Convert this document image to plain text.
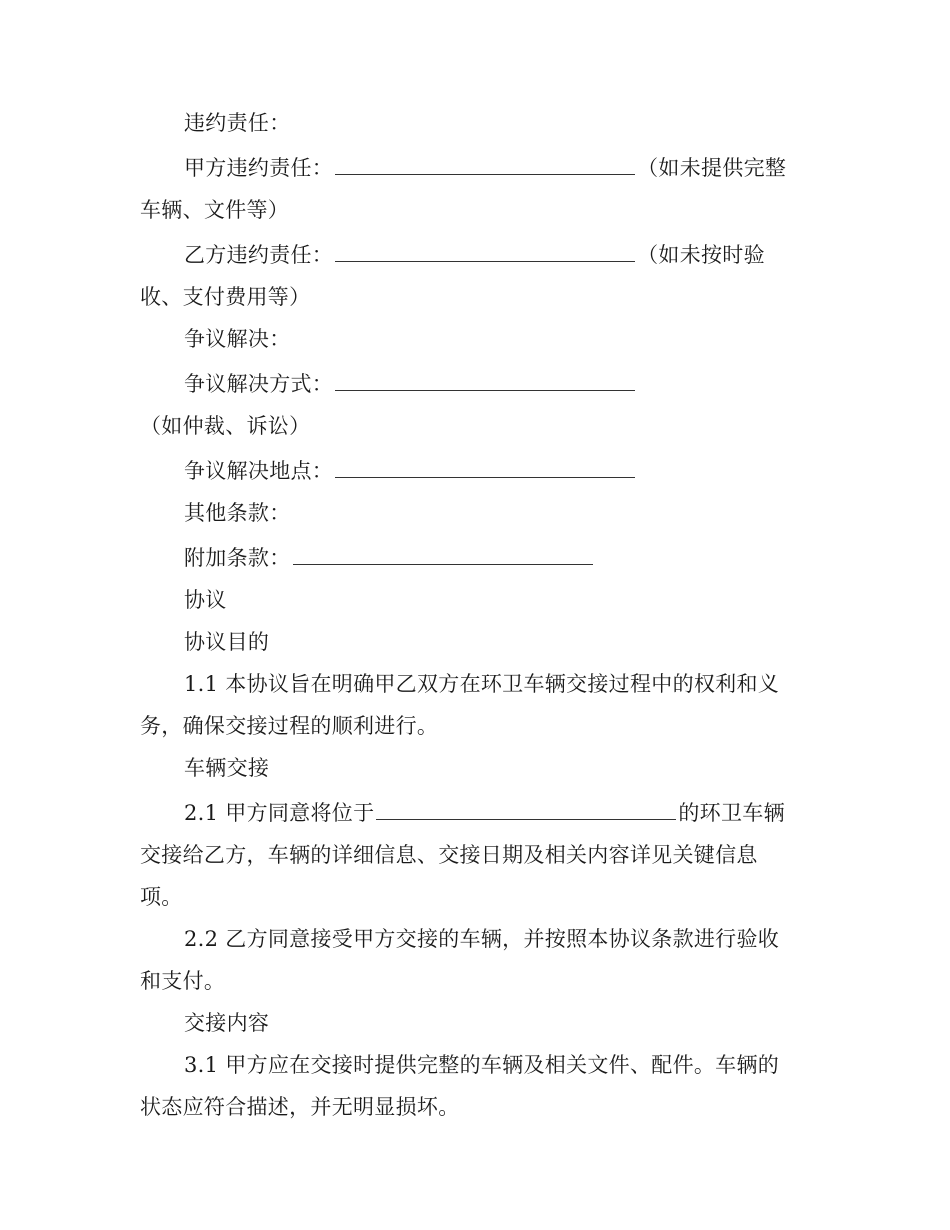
违约责任：
甲方违约责任：	（如未提供完整车辆、文件等）
乙方违约责任：	（如未按时验收、支付费用等）
争议解决：
争议解决方式：（如仲裁、诉讼）
争议解决地点：
其他条款：
附加条款：
协议
协议目的
1.1 本协议旨在明确甲乙双方在环卫车辆交接过程中的权利和义务，确保交接过程的顺利进行。
车辆交接
2.1 甲方同意将位于	的环卫车辆交接给乙方，车辆的详细信息、交接日期及相关内容详见关键信息项。
2.2 乙方同意接受甲方交接的车辆，并按照本协议条款进行验收和支付。
交接内容
3.1 甲方应在交接时提供完整的车辆及相关文件、配件。车辆的状态应符合描述，并无明显损坏。
